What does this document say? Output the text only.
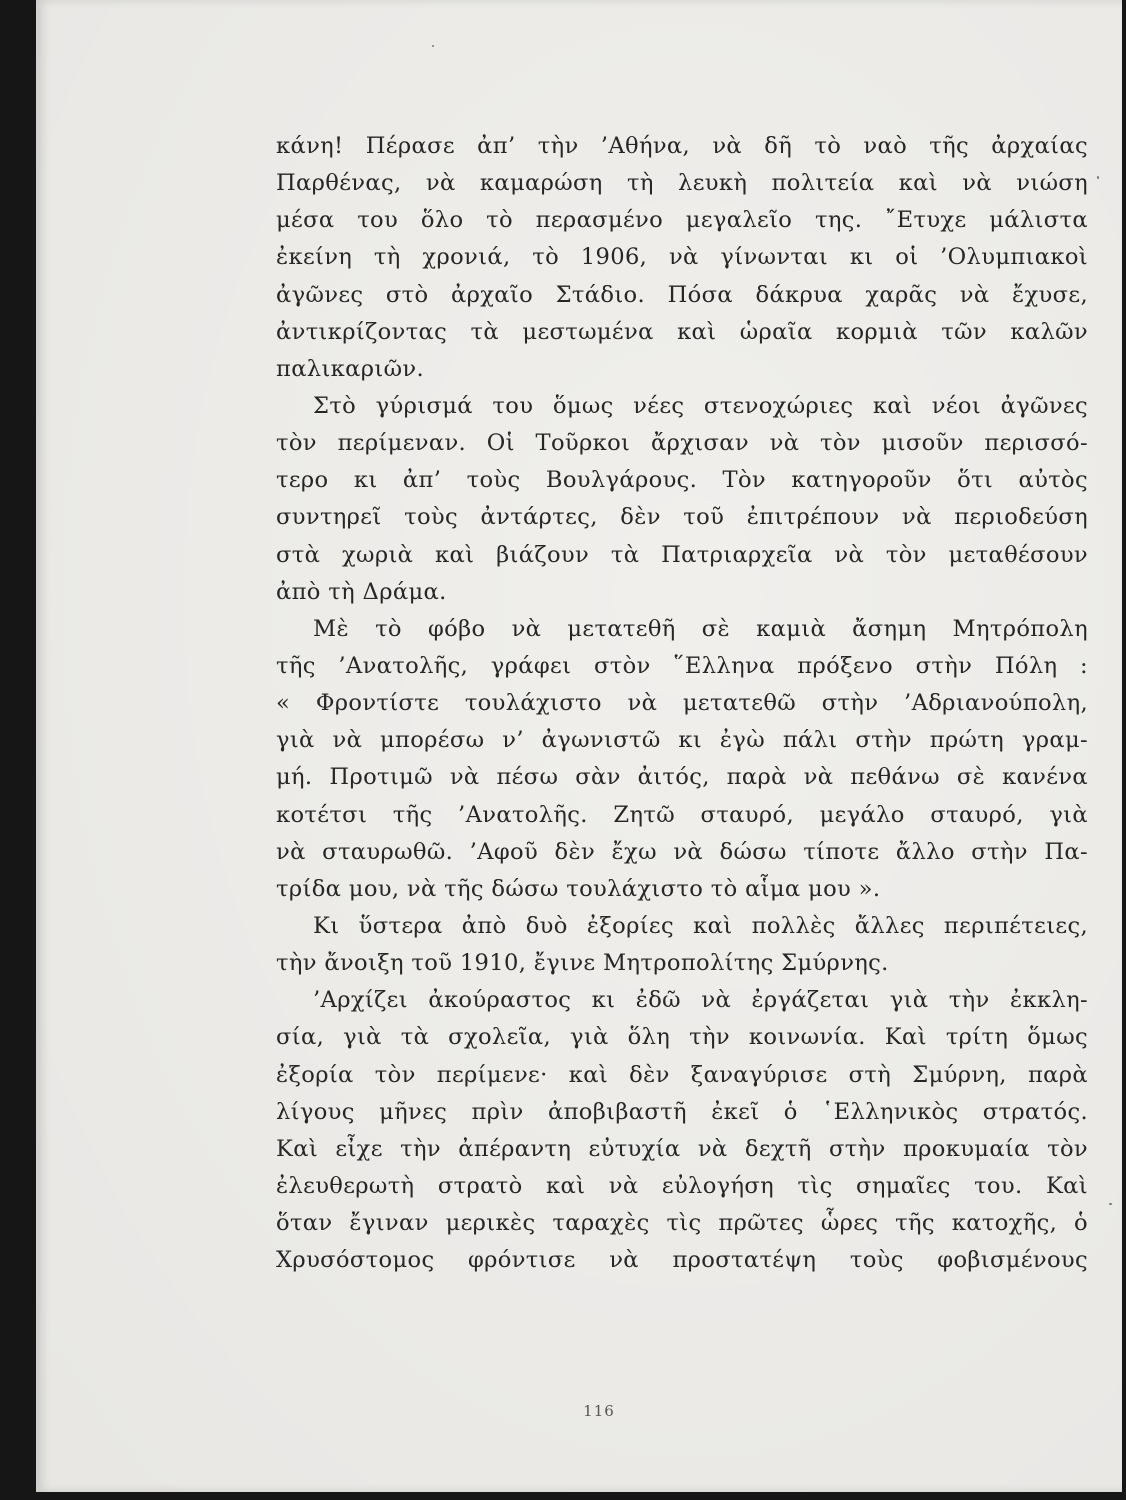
κάνη! Πέρασε ἀπ’ τὴν ’Αθήνα, νὰ δῆ τὸ ναὸ τῆς ἀρχαίας
Παρθένας, νὰ καμαρώση τὴ λευκὴ πολιτεία καὶ νὰ νιώση
μέσα του ὅλο τὸ περασμένο μεγαλεῖο της. ῎Ετυχε μάλιστα
ἐκείνη τὴ χρονιά, τὸ 1906, νὰ γίνωνται κι οἱ ’Ολυμπιακοὶ
ἀγῶνες στὸ ἀρχαῖο Στάδιο. Πόσα δάκρυα χαρᾶς νὰ ἔχυσε,
ἀντικρίζοντας τὰ μεστωμένα καὶ ὡραῖα κορμιὰ τῶν καλῶν
παλικαριῶν.
Στὸ γύρισμά του ὅμως νέες στενοχώριες καὶ νέοι ἀγῶνες
τὸν περίμεναν. Οἱ Τοῦρκοι ἄρχισαν νὰ τὸν μισοῦν περισσό-
τερο κι ἀπ’ τοὺς Βουλγάρους. Τὸν κατηγοροῦν ὅτι αὐτὸς
συντηρεῖ τοὺς ἀντάρτες, δὲν τοῦ ἐπιτρέπουν νὰ περιοδεύση
στὰ χωριὰ καὶ βιάζουν τὰ Πατριαρχεῖα νὰ τὸν μεταθέσουν
ἀπὸ τὴ Δράμα.
Μὲ τὸ φόβο νὰ μετατεθῆ σὲ καμιὰ ἄσημη Μητρόπολη
τῆς ’Ανατολῆς, γράφει στὸν ῞Ελληνα πρόξενο στὴν Πόλη :
« Φροντίστε τουλάχιστο νὰ μετατεθῶ στὴν ’Αδριανούπολη,
γιὰ νὰ μπορέσω ν’ ἀγωνιστῶ κι ἐγὼ πάλι στὴν πρώτη γραμ-
μή. Προτιμῶ νὰ πέσω σὰν ἀιτός, παρὰ νὰ πεθάνω σὲ κανένα
κοτέτσι τῆς ’Ανατολῆς. Ζητῶ σταυρό, μεγάλο σταυρό, γιὰ
νὰ σταυρωθῶ. ’Αφοῦ δὲν ἔχω νὰ δώσω τίποτε ἄλλο στὴν Πα-
τρίδα μου, νὰ τῆς δώσω τουλάχιστο τὸ αἷμα μου ».
Κι ὕστερα ἀπὸ δυὸ ἐξορίες καὶ πολλὲς ἄλλες περιπέτειες,
τὴν ἄνοιξη τοῦ 1910, ἔγινε Μητροπολίτης Σμύρνης.
’Αρχίζει ἀκούραστος κι ἐδῶ νὰ ἐργάζεται γιὰ τὴν ἐκκλη-
σία, γιὰ τὰ σχολεῖα, γιὰ ὅλη τὴν κοινωνία. Καὶ τρίτη ὅμως
ἐξορία τὸν περίμενε· καὶ δὲν ξαναγύρισε στὴ Σμύρνη, παρὰ
λίγους μῆνες πρὶν ἀποβιβαστῆ ἐκεῖ ὁ ῾Ελληνικὸς στρατός.
Καὶ εἶχε τὴν ἀπέραντη εὐτυχία νὰ δεχτῆ στὴν προκυμαία τὸν
ἐλευθερωτὴ στρατὸ καὶ νὰ εὐλογήση τὶς σημαῖες του. Καὶ
ὅταν ἔγιναν μερικὲς ταραχὲς τὶς πρῶτες ὧρες τῆς κατοχῆς, ὁ
Χρυσόστομος φρόντισε νὰ προστατέψη τοὺς φοβισμένους
116
